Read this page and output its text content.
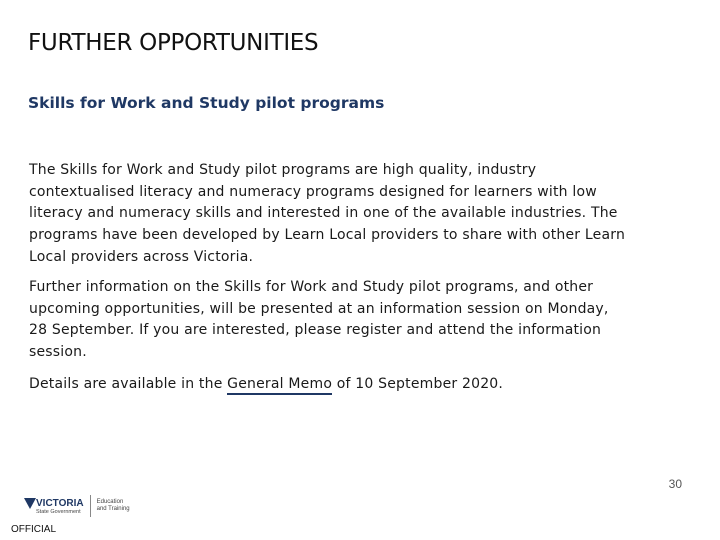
FURTHER OPPORTUNITIES
Skills for Work and Study pilot programs
The Skills for Work and Study pilot programs are high quality, industry contextualised literacy and numeracy programs designed for learners with low literacy and numeracy skills and interested in one of the available industries. The programs have been developed by Learn Local providers to share with other Learn Local providers across Victoria.
Further information on the Skills for Work and Study pilot programs, and other upcoming opportunities, will be presented at an information session on Monday, 28 September. If you are interested, please register and attend the information session.
Details are available in the General Memo of 10 September 2020.
VICTORIA
State Government
Education
and Training
OFFICIAL
30
